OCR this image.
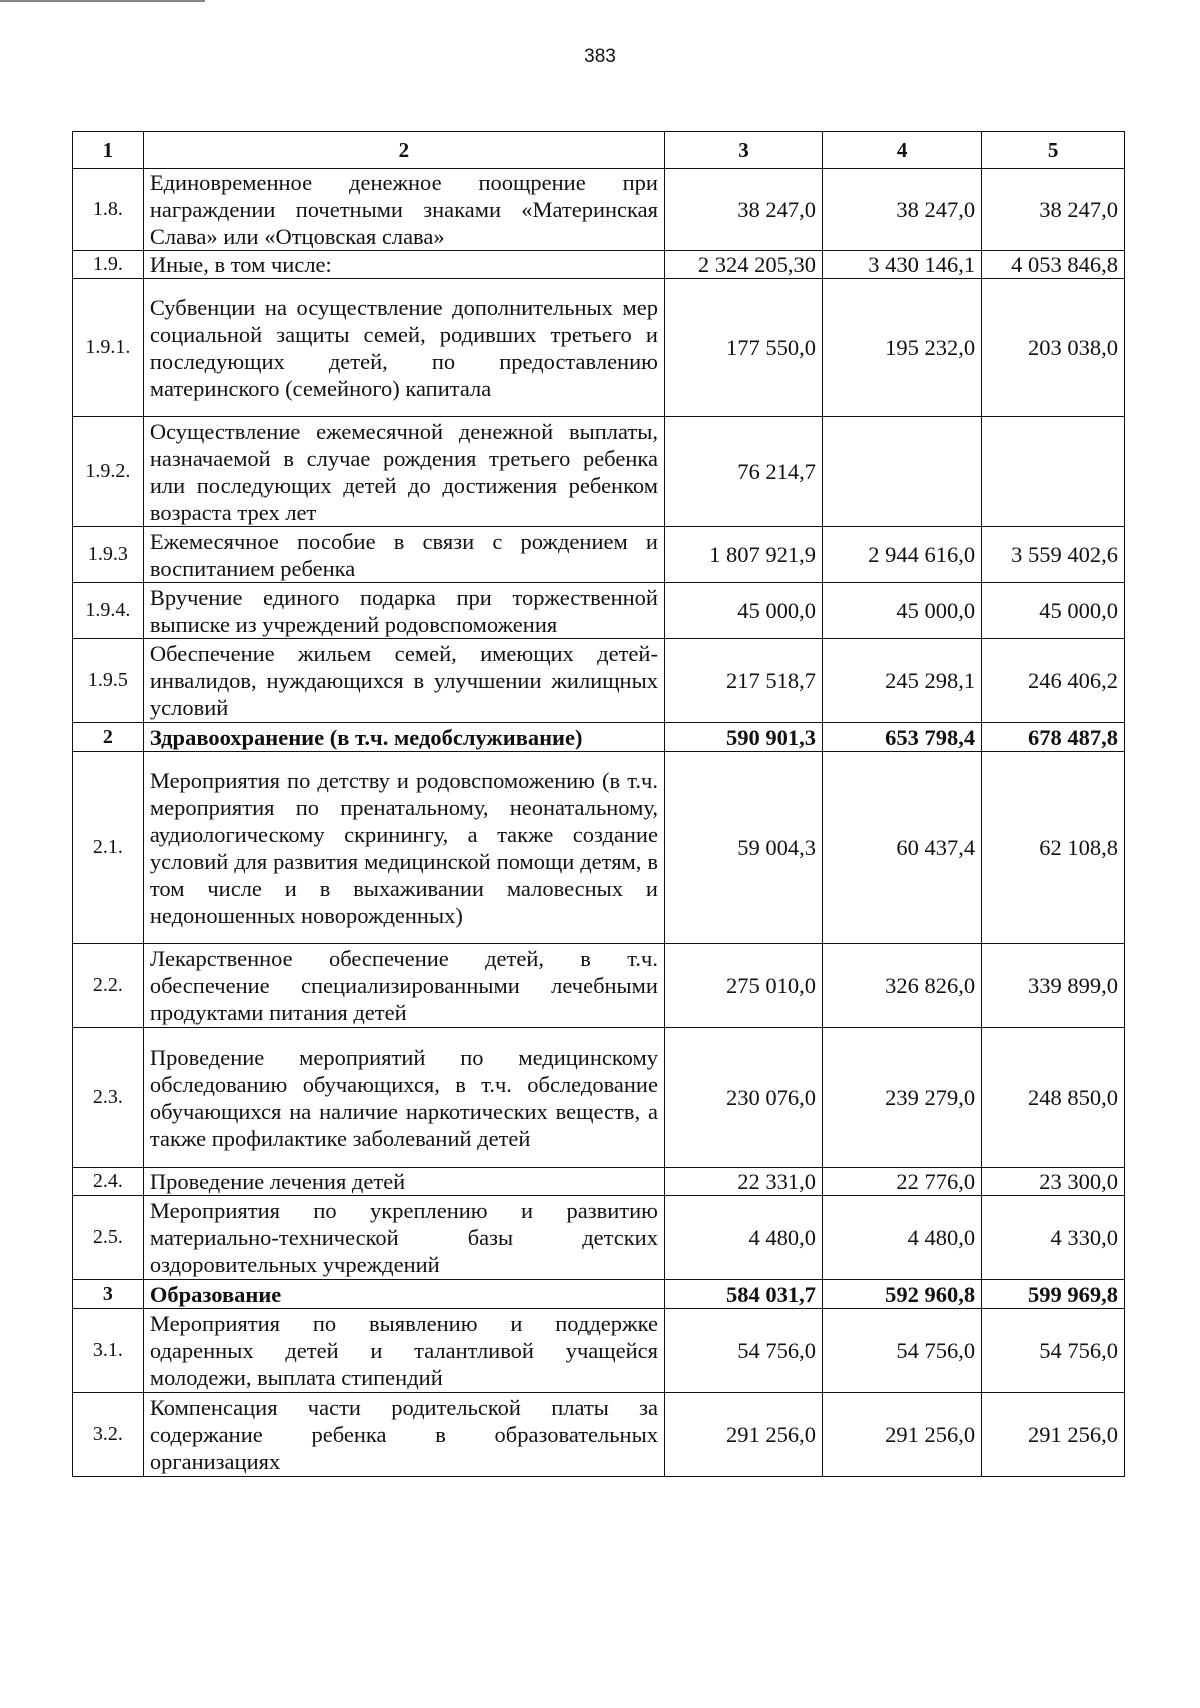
383
1	2	3	4	5
1.8.	Единовременное денежное поощрение при награждении почетными знаками «Материнская Слава» или «Отцовская слава»	38 247,0	38 247,0	38 247,0
1.9.	Иные, в том числе:	2 324 205,30	3 430 146,1	4 053 846,8
1.9.1.	Субвенции на осуществление дополнительных мер социальной защиты семей, родивших третьего и последующих детей, по предоставлению материнского (семейного) капитала	177 550,0	195 232,0	203 038,0
1.9.2.	Осуществление ежемесячной денежной выплаты, назначаемой в случае рождения третьего ребенка или последующих детей до достижения ребенком возраста трех лет	76 214,7		
1.9.3	Ежемесячное пособие в связи с рождением и воспитанием ребенка	1 807 921,9	2 944 616,0	3 559 402,6
1.9.4.	Вручение единого подарка при торжественной выписке из учреждений родовспоможения	45 000,0	45 000,0	45 000,0
1.9.5	Обеспечение жильем семей, имеющих детей-инвалидов, нуждающихся в улучшении жилищных условий	217 518,7	245 298,1	246 406,2
2	Здравоохранение (в т.ч. медобслуживание)	590 901,3	653 798,4	678 487,8
2.1.	Мероприятия по детству и родовспоможению (в т.ч. мероприятия по пренатальному, неонатальному, аудиологическому скринингу, а также создание условий для развития медицинской помощи детям, в том числе и в выхаживании маловесных и недоношенных новорожденных)	59 004,3	60 437,4	62 108,8
2.2.	Лекарственное обеспечение детей, в т.ч. обеспечение специализированными лечебными продуктами питания детей	275 010,0	326 826,0	339 899,0
2.3.	Проведение мероприятий по медицинскому обследованию обучающихся, в т.ч. обследование обучающихся на наличие наркотических веществ, а также профилактике заболеваний детей	230 076,0	239 279,0	248 850,0
2.4.	Проведение лечения детей	22 331,0	22 776,0	23 300,0
2.5.	Мероприятия по укреплению и развитию материально-технической базы детских оздоровительных учреждений	4 480,0	4 480,0	4 330,0
3	Образование	584 031,7	592 960,8	599 969,8
3.1.	Мероприятия по выявлению и поддержке одаренных детей и талантливой учащейся молодежи, выплата стипендий	54 756,0	54 756,0	54 756,0
3.2.	Компенсация части родительской платы за содержание ребенка в образовательных организациях	291 256,0	291 256,0	291 256,0
